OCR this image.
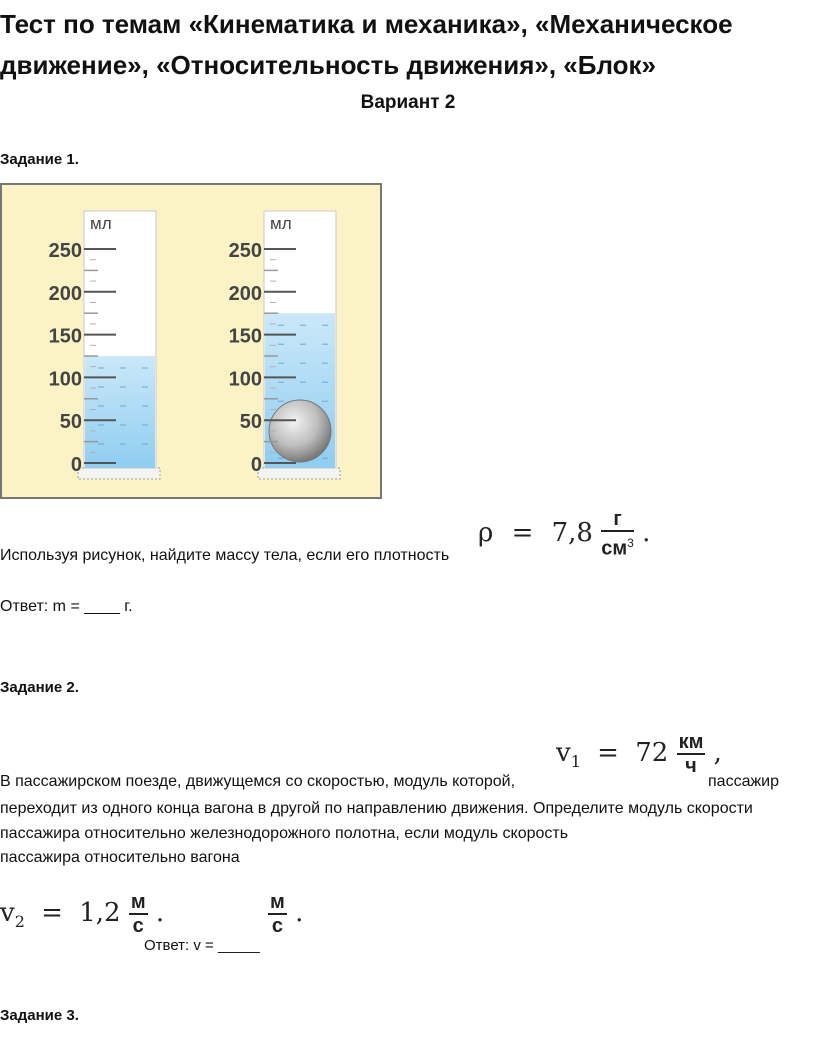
Тест по темам «Кинематика и механика», «Механическое движение», «Относительность движения», «Блок»
Вариант 2
Задание 1.
250
200
150
100
50
0
мл
250
200
150
100
50
0
мл
Используя рисунок, найдите массу тела, если его плотность
$\rho = 7,8 \frac{г}{см^3}$ .
Ответ: m = ____ г.
Задание 2.
$v_1 = 72 \frac{км}{ч}$ ,
В пассажирском поезде, движущемся со скоростью, модуль которой,	пассажир
переходит из одного конца вагона в другой по направлению движения. Определите модуль скорости
пассажира относительно железнодорожного полотна, если модуль скорость
пассажира относительно вагона
$v_2 = 1,2 \frac{м}{с}$ .
Ответ: v = _____
$\frac{м}{с}$ .
Задание 3.
